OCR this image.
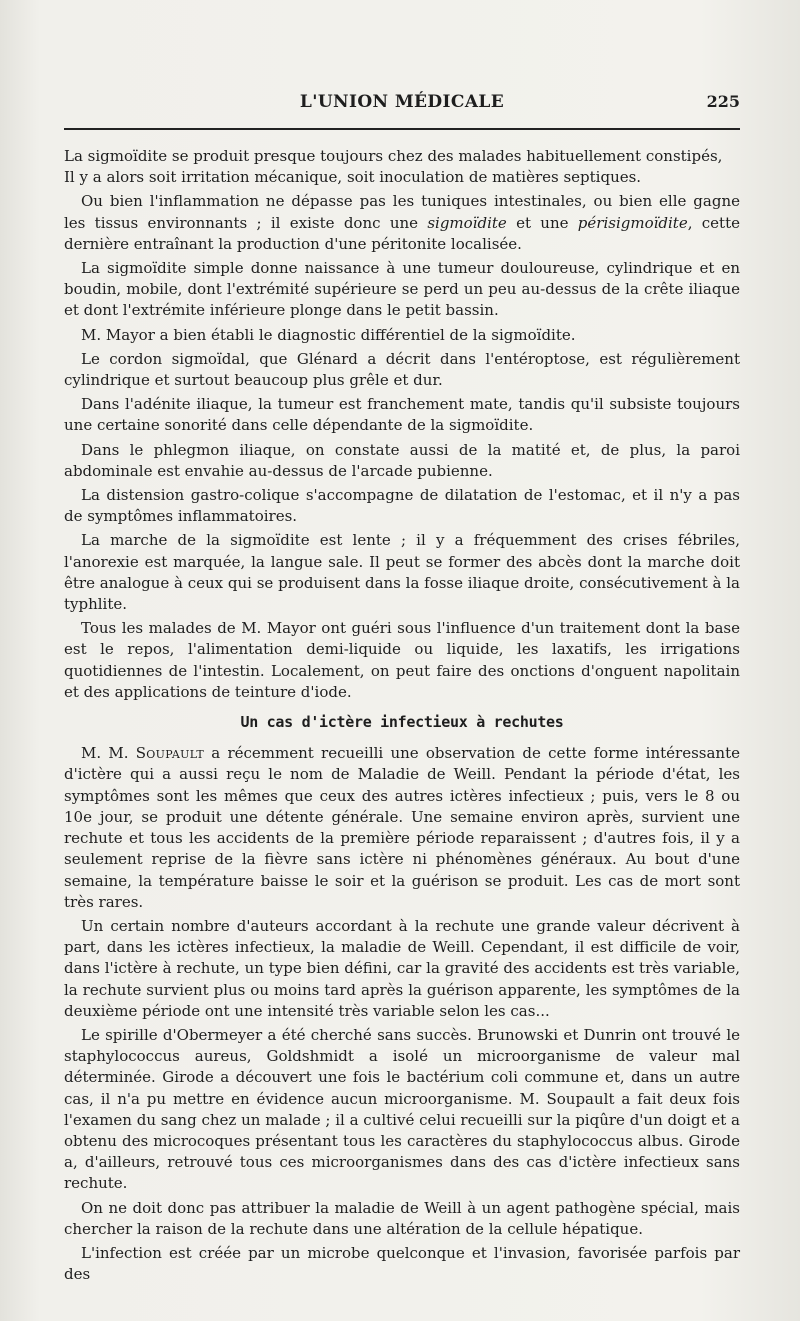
L'UNION MÉDICALE	225

La sigmoïdite se produit presque toujours chez des malades habituellement constipés,
Il y a alors soit irritation mécanique, soit inoculation de matières septiques.

Ou bien l'inflammation ne dépasse pas les tuniques intestinales, ou bien elle gagne les tissus environnants ; il existe donc une sigmoïdite et une périsigmoïdite, cette dernière entraînant la production d'une péritonite localisée.

La sigmoïdite simple donne naissance à une tumeur douloureuse, cylindrique et en boudin, mobile, dont l'extrémité supérieure se perd un peu au-dessus de la crête iliaque et dont l'extrémite inférieure plonge dans le petit bassin.

M. Mayor a bien établi le diagnostic différentiel de la sigmoïdite.

Le cordon sigmoïdal, que Glénard a décrit dans l'entéroptose, est régulièrement cylindrique et surtout beaucoup plus grêle et dur.

Dans l'adénite iliaque, la tumeur est franchement mate, tandis qu'il subsiste toujours une certaine sonorité dans celle dépendante de la sigmoïdite.

Dans le phlegmon iliaque, on constate aussi de la matité et, de plus, la paroi abdominale est envahie au-dessus de l'arcade pubienne.

La distension gastro-colique s'accompagne de dilatation de l'estomac, et il n'y a pas de symptômes inflammatoires.

La marche de la sigmoïdite est lente ; il y a fréquemment des crises fébriles, l'anorexie est marquée, la langue sale. Il peut se former des abcès dont la marche doit être analogue à ceux qui se produisent dans la fosse iliaque droite, consécutivement à la typhlite.

Tous les malades de M. Mayor ont guéri sous l'influence d'un traitement dont la base est le repos, l'alimentation demi-liquide ou liquide, les laxatifs, les irrigations quotidiennes de l'intestin. Localement, on peut faire des onctions d'onguent napolitain et des applications de teinture d'iode.

Un cas d'ictère infectieux à rechutes

M. M. Soupault a récemment recueilli une observation de cette forme intéressante d'ictère qui a aussi reçu le nom de Maladie de Weill. Pendant la période d'état, les symptômes sont les mêmes que ceux des autres ictères infectieux ; puis, vers le 8 ou 10e jour, se produit une détente générale. Une semaine environ après, survient une rechute et tous les accidents de la première période reparaissent ; d'autres fois, il y a seulement reprise de la fièvre sans ictère ni phénomènes généraux. Au bout d'une semaine, la température baisse le soir et la guérison se produit. Les cas de mort sont très rares.

Un certain nombre d'auteurs accordant à la rechute une grande valeur décrivent à part, dans les ictères infectieux, la maladie de Weill. Cependant, il est difficile de voir, dans l'ictère à rechute, un type bien défini, car la gravité des accidents est très variable, la rechute survient plus ou moins tard après la guérison apparente, les symptômes de la deuxième période ont une intensité très variable selon les cas...

Le spirille d'Obermeyer a été cherché sans succès. Brunowski et Dunrin ont trouvé le staphylococcus aureus, Goldshmidt a isolé un microorganisme de valeur mal déterminée. Girode a découvert une fois le bactérium coli commune et, dans un autre cas, il n'a pu mettre en évidence aucun microorganisme. M. Soupault a fait deux fois l'examen du sang chez un malade ; il a cultivé celui recueilli sur la piqûre d'un doigt et a obtenu des microcoques présentant tous les caractères du staphylococcus albus. Girode a, d'ailleurs, retrouvé tous ces microorganismes dans des cas d'ictère infectieux sans rechute.

On ne doit donc pas attribuer la maladie de Weill à un agent pathogène spécial, mais chercher la raison de la rechute dans une altération de la cellule hépatique.

L'infection est créée par un microbe quelconque et l'invasion, favorisée parfois par des
